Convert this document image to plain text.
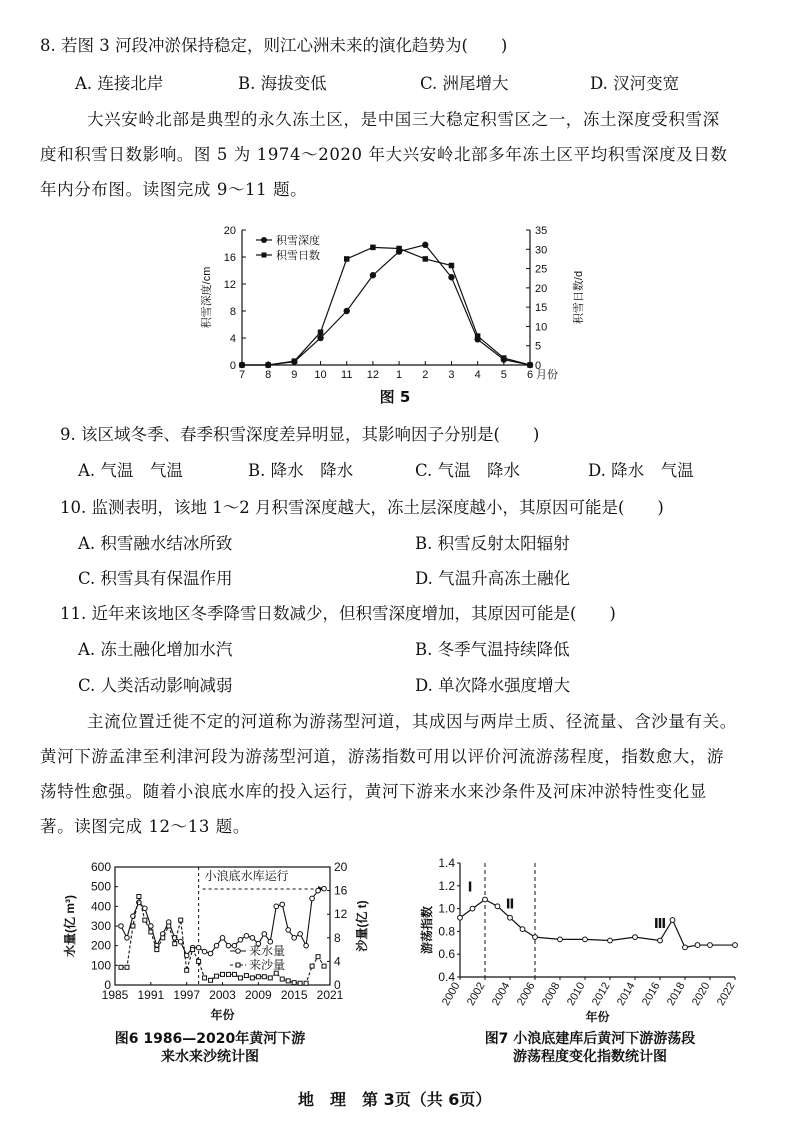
8. 若图 3 河段冲淤保持稳定，则江心洲未来的演化趋势为(　　)
A. 连接北岸	B. 海拔变低	C. 洲尾增大	D. 汊河变宽
大兴安岭北部是典型的永久冻土区，是中国三大稳定积雪区之一，冻土深度受积雪深
度和积雪日数影响。图 5 为 1974～2020 年大兴安岭北部多年冻土区平均积雪深度及日数
年内分布图。读图完成 9～11 题。
0
4
8
12
16
20
0
5
10
15
20
25
30
35
7 8 9 10 11 12 1 2 3 4 5 6 月份
积雪深度/cm	积雪日数/d
积雪深度
积雪日数
图 5
9. 该区域冬季、春季积雪深度差异明显，其影响因子分别是(　　)
A. 气温　气温	B. 降水　降水	C. 气温　降水	D. 降水　气温
10. 监测表明，该地 1～2 月积雪深度越大，冻土层深度越小，其原因可能是(　　)
A. 积雪融水结冰所致	B. 积雪反射太阳辐射
C. 积雪具有保温作用	D. 气温升高冻土融化
11. 近年来该地区冬季降雪日数减少，但积雪深度增加，其原因可能是(　　)
A. 冻土融化增加水汽	B. 冬季气温持续降低
C. 人类活动影响减弱	D. 单次降水强度增大
主流位置迁徙不定的河道称为游荡型河道，其成因与两岸土质、径流量、含沙量有关。
黄河下游孟津至利津河段为游荡型河道，游荡指数可用以评价河流游荡程度，指数愈大，游
荡特性愈强。随着小浪底水库的投入运行，黄河下游来水来沙条件及河床冲淤特性变化显
著。读图完成 12～13 题。
0
100
200
300
400
500
600
0
4
8
12
16
20
1985 1991 1997 2003 2009 2015 2021
年份
水量(亿 m³)	沙量(亿 t)
小浪底水库运行
来水量
来沙量
图6 1986—2020年黄河下游
来水来沙统计图
0.4
0.6
0.8
1.0
1.2
1.4
2000 2002 2004 2006 2008 2010 2012 2014 2016 2018 2020 2022
年份
游荡指数
Ⅰ
Ⅱ
Ⅲ
图7 小浪底建库后黄河下游游荡段
游荡程度变化指数统计图
地　理　第 3页（共 6页）
